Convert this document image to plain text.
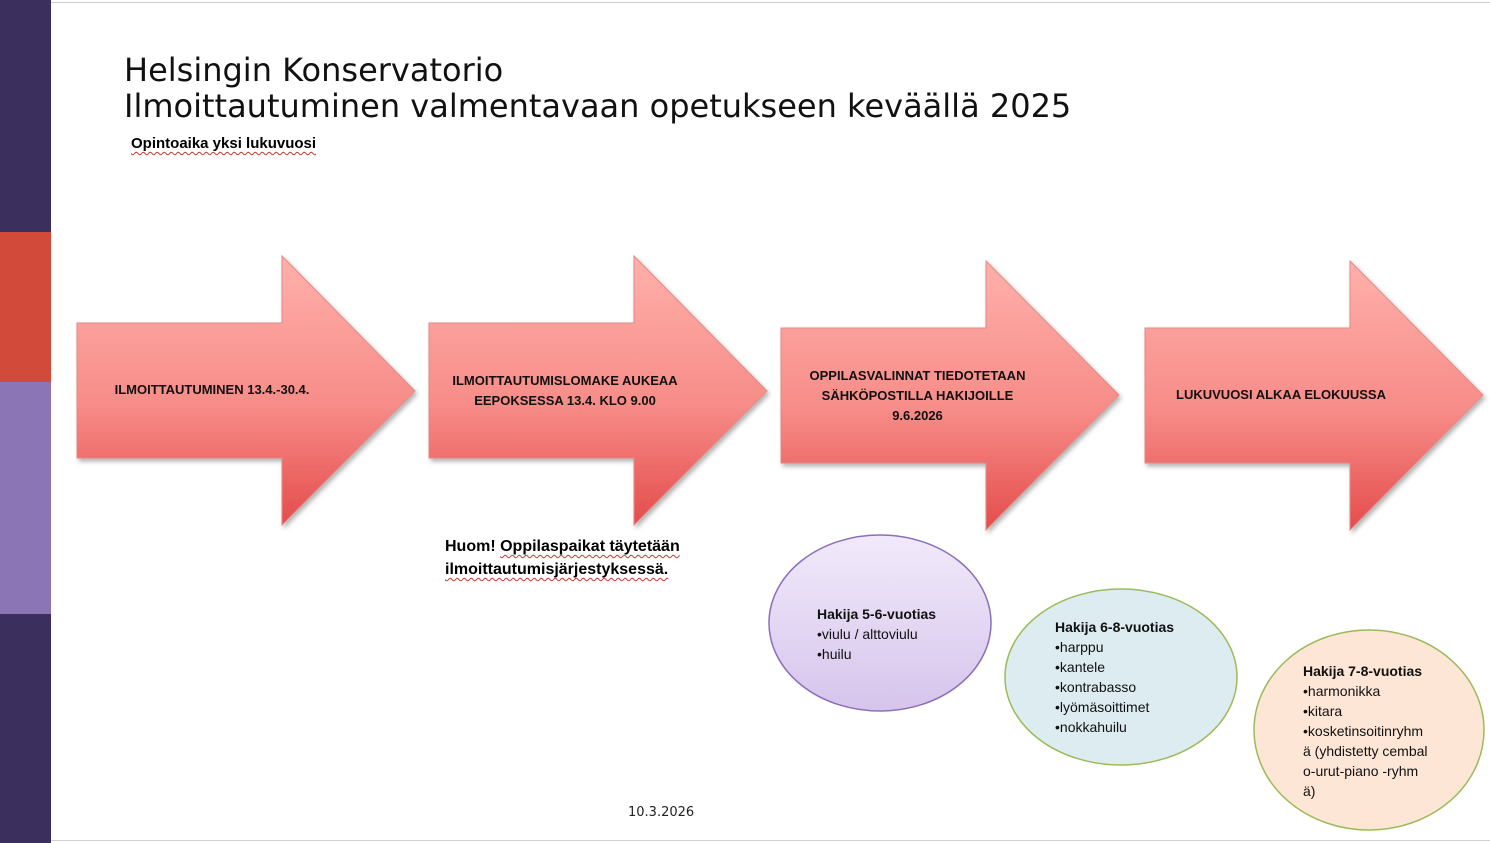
Helsingin Konservatorio
Ilmoittautuminen valmentavaan opetukseen keväällä 2025
Opintoaika yksi lukuvuosi
ILMOITTAUTUMINEN 13.4.-30.4.
ILMOITTAUTUMISLOMAKE AUKEAA EEPOKSESSA 13.4. KLO 9.00
OPPILASVALINNAT TIEDOTETAAN SÄHKÖPOSTILLA HAKIJOILLE 9.6.2026
LUKUVUOSI ALKAA ELOKUUSSA
Huom! Oppilaspaikat täytetään
ilmoittautumisjärjestyksessä.
Hakija 5-6-vuotias
• viulu / alttoviulu
• huilu
Hakija 6-8-vuotias
• harppu
• kantele
• kontrabasso
• lyömäsoittimet
• nokkahuilu
Hakija 7-8-vuotias
• harmonikka
• kitara
• kosketinsoitinryhmä (yhdistetty cembalo-urut-piano -ryhmä)
10.3.2026
